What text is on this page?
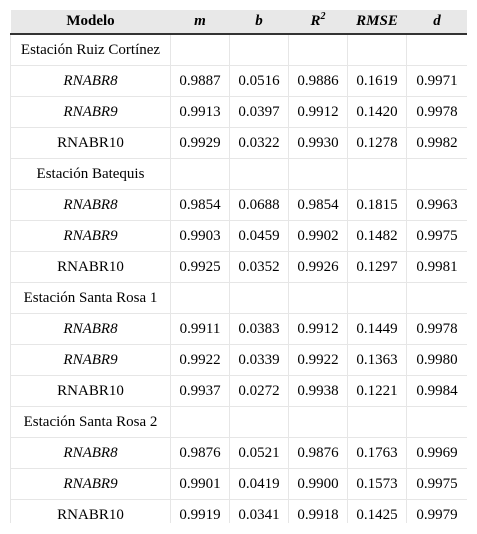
Modelo	m	b	$R^2$	RMSE	d
Estación Ruiz Cortínez					
RNABR8	0.9887	0.0516	0.9886	0.1619	0.9971
RNABR9	0.9913	0.0397	0.9912	0.1420	0.9978
RNABR10	0.9929	0.0322	0.9930	0.1278	0.9982
Estación Batequis					
RNABR8	0.9854	0.0688	0.9854	0.1815	0.9963
RNABR9	0.9903	0.0459	0.9902	0.1482	0.9975
RNABR10	0.9925	0.0352	0.9926	0.1297	0.9981
Estación Santa Rosa 1					
RNABR8	0.9911	0.0383	0.9912	0.1449	0.9978
RNABR9	0.9922	0.0339	0.9922	0.1363	0.9980
RNABR10	0.9937	0.0272	0.9938	0.1221	0.9984
Estación Santa Rosa 2					
RNABR8	0.9876	0.0521	0.9876	0.1763	0.9969
RNABR9	0.9901	0.0419	0.9900	0.1573	0.9975
RNABR10	0.9919	0.0341	0.9918	0.1425	0.9979
